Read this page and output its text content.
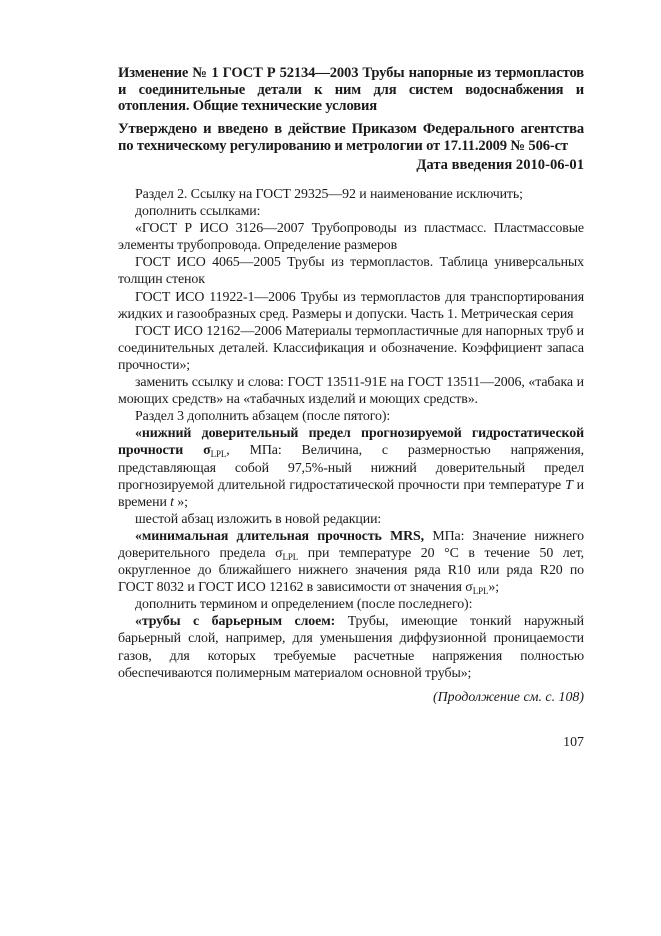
Изменение № 1 ГОСТ Р 52134—2003 Трубы напорные из термопластов и соединительные детали к ним для систем водоснабжения и отопления. Общие технические условия
Утверждено и введено в действие Приказом Федерального агентства по техническому регулированию и метрологии от 17.11.2009 № 506-ст
Дата введения 2010-06-01

Раздел 2. Ссылку на ГОСТ 29325—92 и наименование исключить;

дополнить ссылками:

«ГОСТ Р ИСО 3126—2007 Трубопроводы из пластмасс. Пластмассовые элементы трубопровода. Определение размеров

ГОСТ ИСО 4065—2005 Трубы из термопластов. Таблица универсальных толщин стенок

ГОСТ ИСО 11922-1—2006 Трубы из термопластов для транспортирования жидких и газообразных сред. Размеры и допуски. Часть 1. Метрическая серия

ГОСТ ИСО 12162—2006 Материалы термопластичные для напорных труб и соединительных деталей. Классификация и обозначение. Коэффициент запаса прочности»;

заменить ссылку и слова: ГОСТ 13511-91Е на ГОСТ 13511—2006, «табака и моющих средств» на «табачных изделий и моющих средств».

Раздел 3 дополнить абзацем (после пятого):

«нижний доверительный предел прогнозируемой гидростатической прочности $\sigma_{LPL}$, МПа: Величина, с размерностью напряжения, представляющая собой 97,5%-ный нижний доверительный предел прогнозируемой длительной гидростатической прочности при температуре T и времени t »;

шестой абзац изложить в новой редакции:

«минимальная длительная прочность MRS, МПа: Значение нижнего доверительного предела $\sigma_{LPL}$ при температуре 20 °С в течение 50 лет, округленное до ближайшего нижнего значения ряда R10 или ряда R20 по ГОСТ 8032 и ГОСТ ИСО 12162 в зависимости от значения $\sigma_{LPL}$»;

дополнить термином и определением (после последнего):

«трубы с барьерным слоем: Трубы, имеющие тонкий наружный барьерный слой, например, для уменьшения диффузионной проницаемости газов, для которых требуемые расчетные напряжения полностью обеспечиваются полимерным материалом основной трубы»;

(Продолжение см. с. 108)
107
